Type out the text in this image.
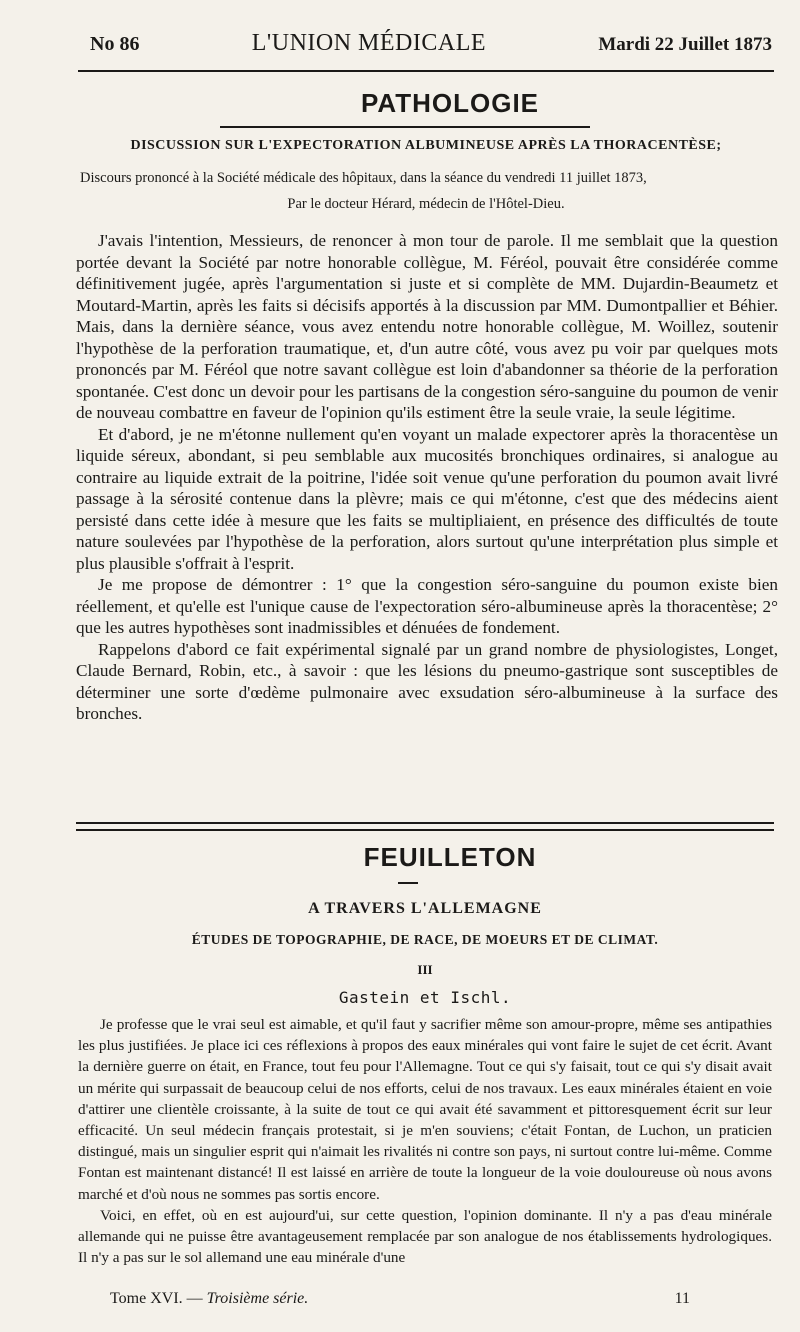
No 86	L'UNION MÉDICALE	Mardi 22 Juillet 1873
PATHOLOGIE
DISCUSSION SUR L'EXPECTORATION ALBUMINEUSE APRÈS LA THORACENTÈSE;
Discours prononcé à la Société médicale des hôpitaux, dans la séance du vendredi 11 juillet 1873,
Par le docteur Hérard, médecin de l'Hôtel-Dieu.

J'avais l'intention, Messieurs, de renoncer à mon tour de parole. Il me semblait que la question portée devant la Société par notre honorable collègue, M. Féréol, pouvait être considérée comme définitivement jugée, après l'argumentation si juste et si complète de MM. Dujardin-Beaumetz et Moutard-Martin, après les faits si décisifs apportés à la discussion par MM. Dumontpallier et Béhier. Mais, dans la dernière séance, vous avez entendu notre honorable collègue, M. Woillez, soutenir l'hypothèse de la perforation traumatique, et, d'un autre côté, vous avez pu voir par quelques mots prononcés par M. Féréol que notre savant collègue est loin d'abandonner sa théorie de la perforation spontanée. C'est donc un devoir pour les partisans de la congestion séro-sanguine du poumon de venir de nouveau combattre en faveur de l'opinion qu'ils estiment être la seule vraie, la seule légitime.

Et d'abord, je ne m'étonne nullement qu'en voyant un malade expectorer après la thoracentèse un liquide séreux, abondant, si peu semblable aux mucosités bronchiques ordinaires, si analogue au contraire au liquide extrait de la poitrine, l'idée soit venue qu'une perforation du poumon avait livré passage à la sérosité contenue dans la plèvre; mais ce qui m'étonne, c'est que des médecins aient persisté dans cette idée à mesure que les faits se multipliaient, en présence des difficultés de toute nature soulevées par l'hypothèse de la perforation, alors surtout qu'une interprétation plus simple et plus plausible s'offrait à l'esprit.

Je me propose de démontrer : 1° que la congestion séro-sanguine du poumon existe bien réellement, et qu'elle est l'unique cause de l'expectoration séro-albumineuse après la thoracentèse; 2° que les autres hypothèses sont inadmissibles et dénuées de fondement.

Rappelons d'abord ce fait expérimental signalé par un grand nombre de physiologistes, Longet, Claude Bernard, Robin, etc., à savoir : que les lésions du pneumo-gastrique sont susceptibles de déterminer une sorte d'œdème pulmonaire avec exsudation séro-albumineuse à la surface des bronches.

FEUILLETON
A TRAVERS L'ALLEMAGNE
ÉTUDES DE TOPOGRAPHIE, DE RACE, DE MOEURS ET DE CLIMAT.
III
Gastein et Ischl.

Je professe que le vrai seul est aimable, et qu'il faut y sacrifier même son amour-propre, même ses antipathies les plus justifiées. Je place ici ces réflexions à propos des eaux minérales qui vont faire le sujet de cet écrit. Avant la dernière guerre on était, en France, tout feu pour l'Allemagne. Tout ce qui s'y faisait, tout ce qui s'y disait avait un mérite qui surpassait de beaucoup celui de nos efforts, celui de nos travaux. Les eaux minérales étaient en voie d'attirer une clientèle croissante, à la suite de tout ce qui avait été savamment et pittoresquement écrit sur leur efficacité. Un seul médecin français protestait, si je m'en souviens; c'était Fontan, de Luchon, un praticien distingué, mais un singulier esprit qui n'aimait les rivalités ni contre son pays, ni surtout contre lui-même. Comme Fontan est maintenant distancé! Il est laissé en arrière de toute la longueur de la voie douloureuse où nous avons marché et d'où nous ne sommes pas sortis encore.

Voici, en effet, où en est aujourd'ui, sur cette question, l'opinion dominante. Il n'y a pas d'eau minérale allemande qui ne puisse être avantageusement remplacée par son analogue de nos établissements hydrologiques. Il n'y a pas sur le sol allemand une eau minérale d'une

Tome XVI. — Troisième série.	11
